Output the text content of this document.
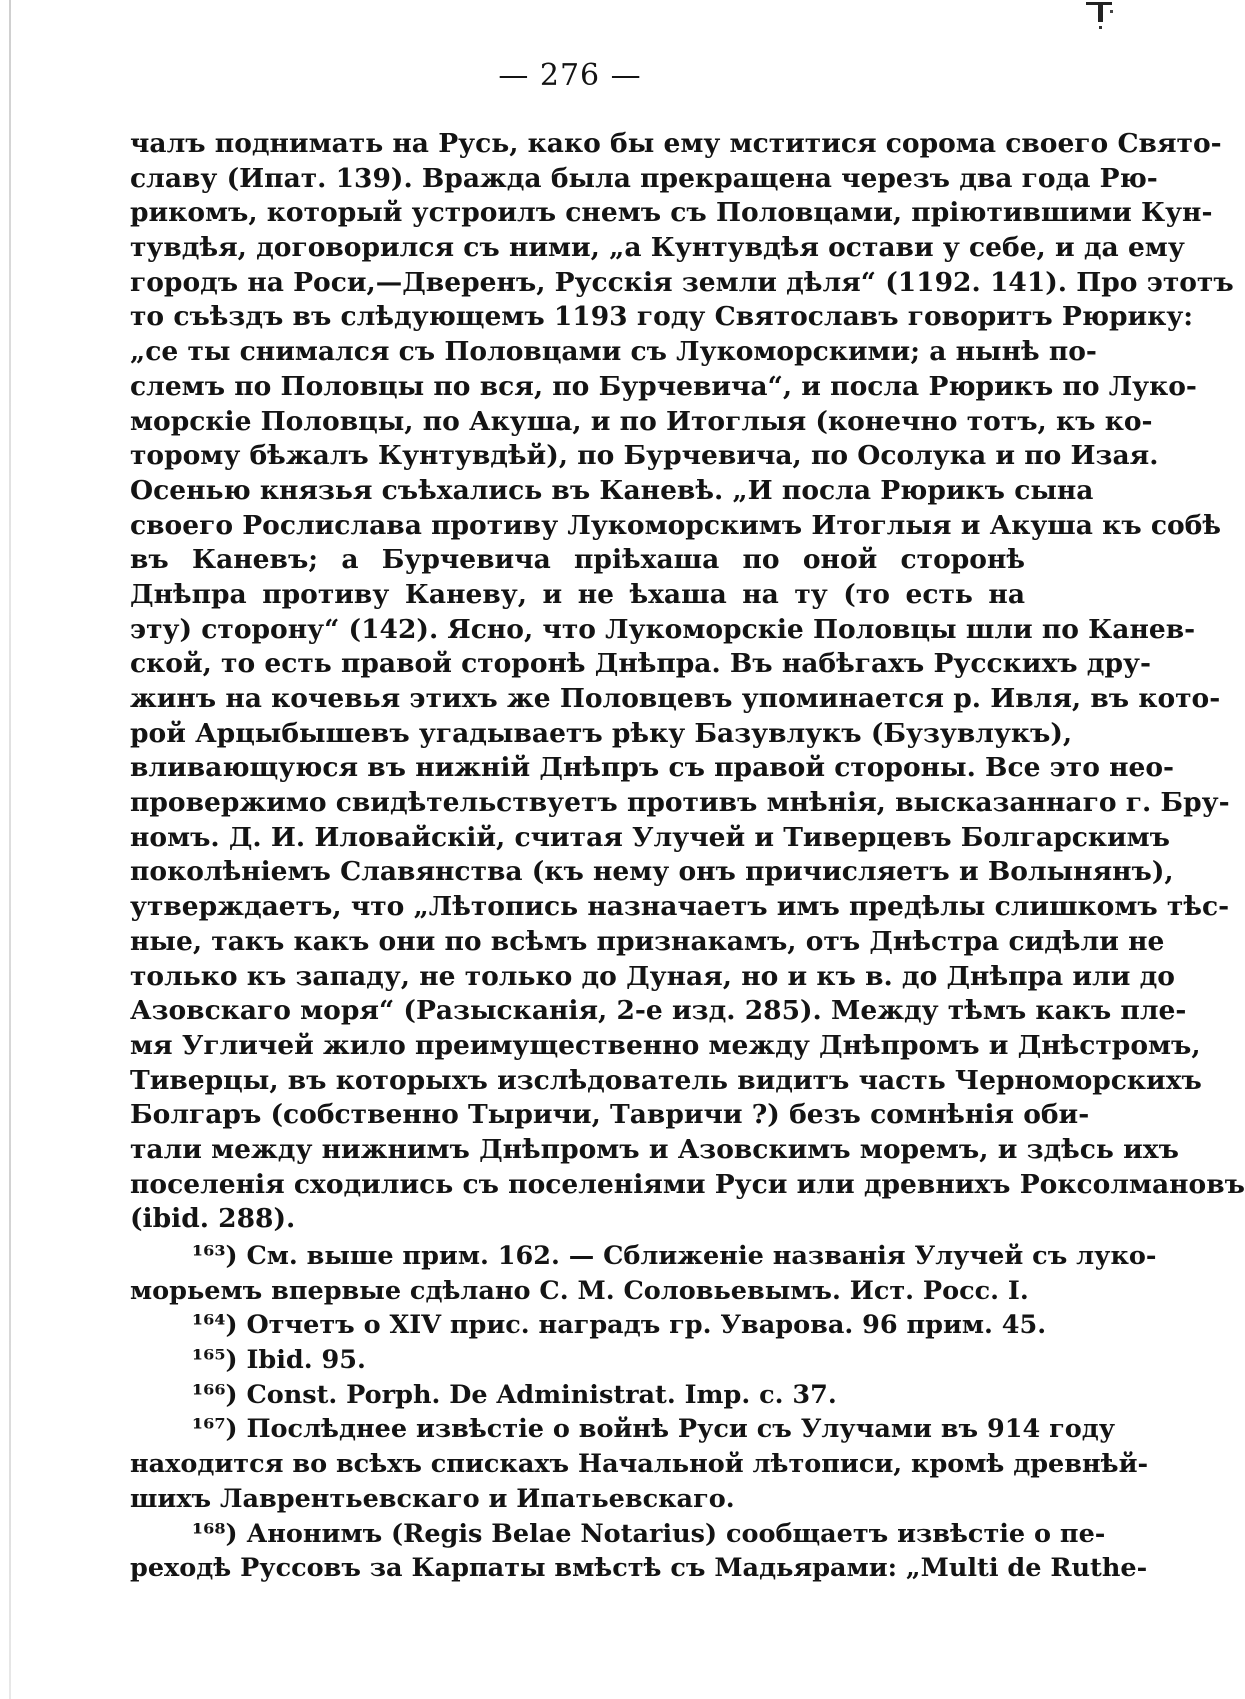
— 276 —
чалъ поднимать на Русь, како бы ему мститися сорома своего Свято-
славу (Ипат. 139). Вражда была прекращена черезъ два года Рю-
рикомъ, который устроилъ снемъ съ Половцами, пріютившими Кун-
тувдѣя, договорился съ ними, „а Кунтувдѣя остави у себе, и да ему
городъ на Роси,—Дверенъ, Русскія земли дѣля“ (1192. 141). Про этотъ
то съѣздъ въ слѣдующемъ 1193 году Святославъ говоритъ Рюрику:
„се ты снимался съ Половцами съ Лукоморскими; а нынѣ по-
слемъ по Половцы по вся, по Бурчевича“, и посла Рюрикъ по Луко-
морскіе Половцы, по Акуша, и по Итоглыя (конечно тотъ, къ ко-
торому бѣжалъ Кунтувдѣй), по Бурчевича, по Осолука и по Изая.
Осенью князья съѣхались въ Каневѣ. „И посла Рюрикъ сына
своего Рослислава противу Лукоморскимъ Итоглыя и Акуша къ собѣ
въ Каневъ; а Бурчевича пріѣхаша по оной сторонѣ
Днѣпра противу Каневу, и не ѣхаша на ту (то есть на
эту) сторону“ (142). Ясно, что Лукоморскіе Половцы шли по Канев-
ской, то есть правой сторонѣ Днѣпра. Въ набѣгахъ Русскихъ дру-
жинъ на кочевья этихъ же Половцевъ упоминается р. Ивля, въ кото-
рой Арцыбышевъ угадываетъ рѣку Базувлукъ (Бузувлукъ),
вливающуюся въ нижній Днѣпръ съ правой стороны. Все это нео-
провержимо свидѣтельствуетъ противъ мнѣнія, высказаннаго г. Бру-
номъ. Д. И. Иловайскій, считая Улучей и Тиверцевъ Болгарскимъ
поколѣніемъ Славянства (къ нему онъ причисляетъ и Волынянъ),
утверждаетъ, что „Лѣтопись назначаетъ имъ предѣлы слишкомъ тѣс-
ные, такъ какъ они по всѣмъ признакамъ, отъ Днѣстра сидѣли не
только къ западу, не только до Дуная, но и къ в. до Днѣпра или до
Азовскаго моря“ (Разысканія, 2-е изд. 285). Между тѣмъ какъ пле-
мя Угличей жило преимущественно между Днѣпромъ и Днѣстромъ,
Тиверцы, въ которыхъ изслѣдователь видитъ часть Черноморскихъ
Болгаръ (собственно Тыричи, Тавричи ?) безъ сомнѣнія оби-
тали между нижнимъ Днѣпромъ и Азовскимъ моремъ, и здѣсь ихъ
поселенія сходились съ поселеніями Руси или древнихъ Роксолмановъ
(ibid. 288).
¹⁶³) См. выше прим. 162. — Сближеніе названія Улучей съ луко-
морьемъ впервые сдѣлано С. М. Соловьевымъ. Ист. Росс. I.
¹⁶⁴) Отчетъ о XIV прис. наградъ гр. Уварова. 96 прим. 45.
¹⁶⁵) Ibid. 95.
¹⁶⁶) Const. Porph. De Administrat. Imp. c. 37.
¹⁶⁷) Послѣднее извѣстіе о войнѣ Руси съ Улучами въ 914 году
находится во всѣхъ спискахъ Начальной лѣтописи, кромѣ древнѣй-
шихъ Лаврентьевскаго и Ипатьевскаго.
¹⁶⁸) Анонимъ (Regis Belae Notarius) сообщаетъ извѣстіе о пе-
реходѣ Руссовъ за Карпаты вмѣстѣ съ Мадьярами: „Multi de Ruthe-
